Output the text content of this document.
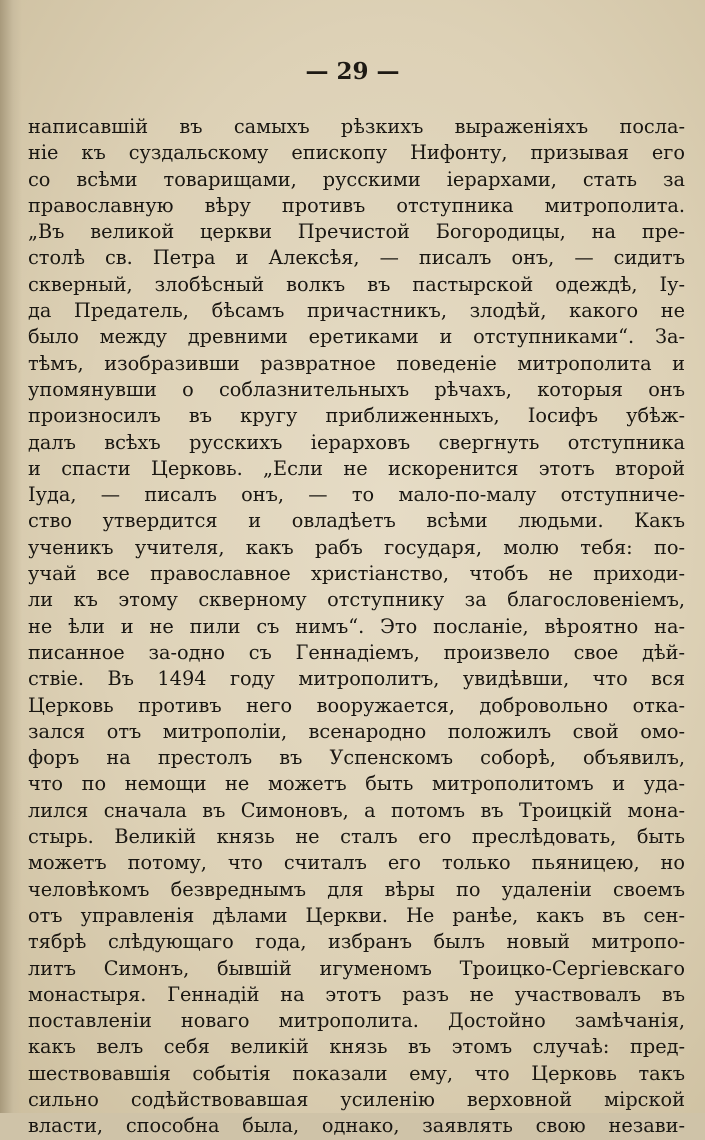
— 29 —
написавшій въ самыхъ рѣзкихъ выраженіяхъ посла-
ніе къ суздальскому епископу Нифонту, призывая его
со всѣми товарищами, русскими іерархами, стать за
православную вѣру противъ отступника митрополита.
„Въ великой церкви Пречистой Богородицы, на пре-
столѣ св. Петра и Алексѣя, — писалъ онъ, — сидитъ
скверный, злобѣсный волкъ въ пастырской одеждѣ, Іу-
да Предатель, бѣсамъ причастникъ, злодѣй, какого не
было между древними еретиками и отступниками“. За-
тѣмъ, изобразивши развратное поведеніе митрополита и
упомянувши о соблазнительныхъ рѣчахъ, которыя онъ
произносилъ въ кругу приближенныхъ, Іосифъ убѣж-
далъ всѣхъ русскихъ іерарховъ свергнуть отступника
и спасти Церковь. „Если не искоренится этотъ второй
Іуда, — писалъ онъ, — то мало-по-малу отступниче-
ство утвердится и овладѣетъ всѣми людьми. Какъ
ученикъ учителя, какъ рабъ государя, молю тебя: по-
учай все православное христіанство, чтобъ не приходи-
ли къ этому скверному отступнику за благословеніемъ,
не ѣли и не пили съ нимъ“. Это посланіе, вѣроятно на-
писанное за-одно съ Геннадіемъ, произвело свое дѣй-
ствіе. Въ 1494 году митрополитъ, увидѣвши, что вся
Церковь противъ него вооружается, добровольно отка-
зался отъ митрополіи, всенародно положилъ свой омо-
форъ на престолъ въ Успенскомъ соборѣ, объявилъ,
что по немощи не можетъ быть митрополитомъ и уда-
лился сначала въ Симоновъ, а потомъ въ Троицкій мона-
стырь. Великій князь не сталъ его преслѣдовать, быть
можетъ потому, что считалъ его только пьяницею, но
человѣкомъ безвреднымъ для вѣры по удаленіи своемъ
отъ управленія дѣлами Церкви. Не ранѣе, какъ въ сен-
тябрѣ слѣдующаго года, избранъ былъ новый митропо-
литъ Симонъ, бывшій игуменомъ Троицко-Сергіевскаго
монастыря. Геннадій на этотъ разъ не участвовалъ въ
поставленіи новаго митрополита. Достойно замѣчанія,
какъ велъ себя великій князь въ этомъ случаѣ: пред-
шествовавшія событія показали ему, что Церковь такъ
сильно содѣйствовавшая усиленію верховной мірской
власти, способна была, однако, заявлять свою незави-
